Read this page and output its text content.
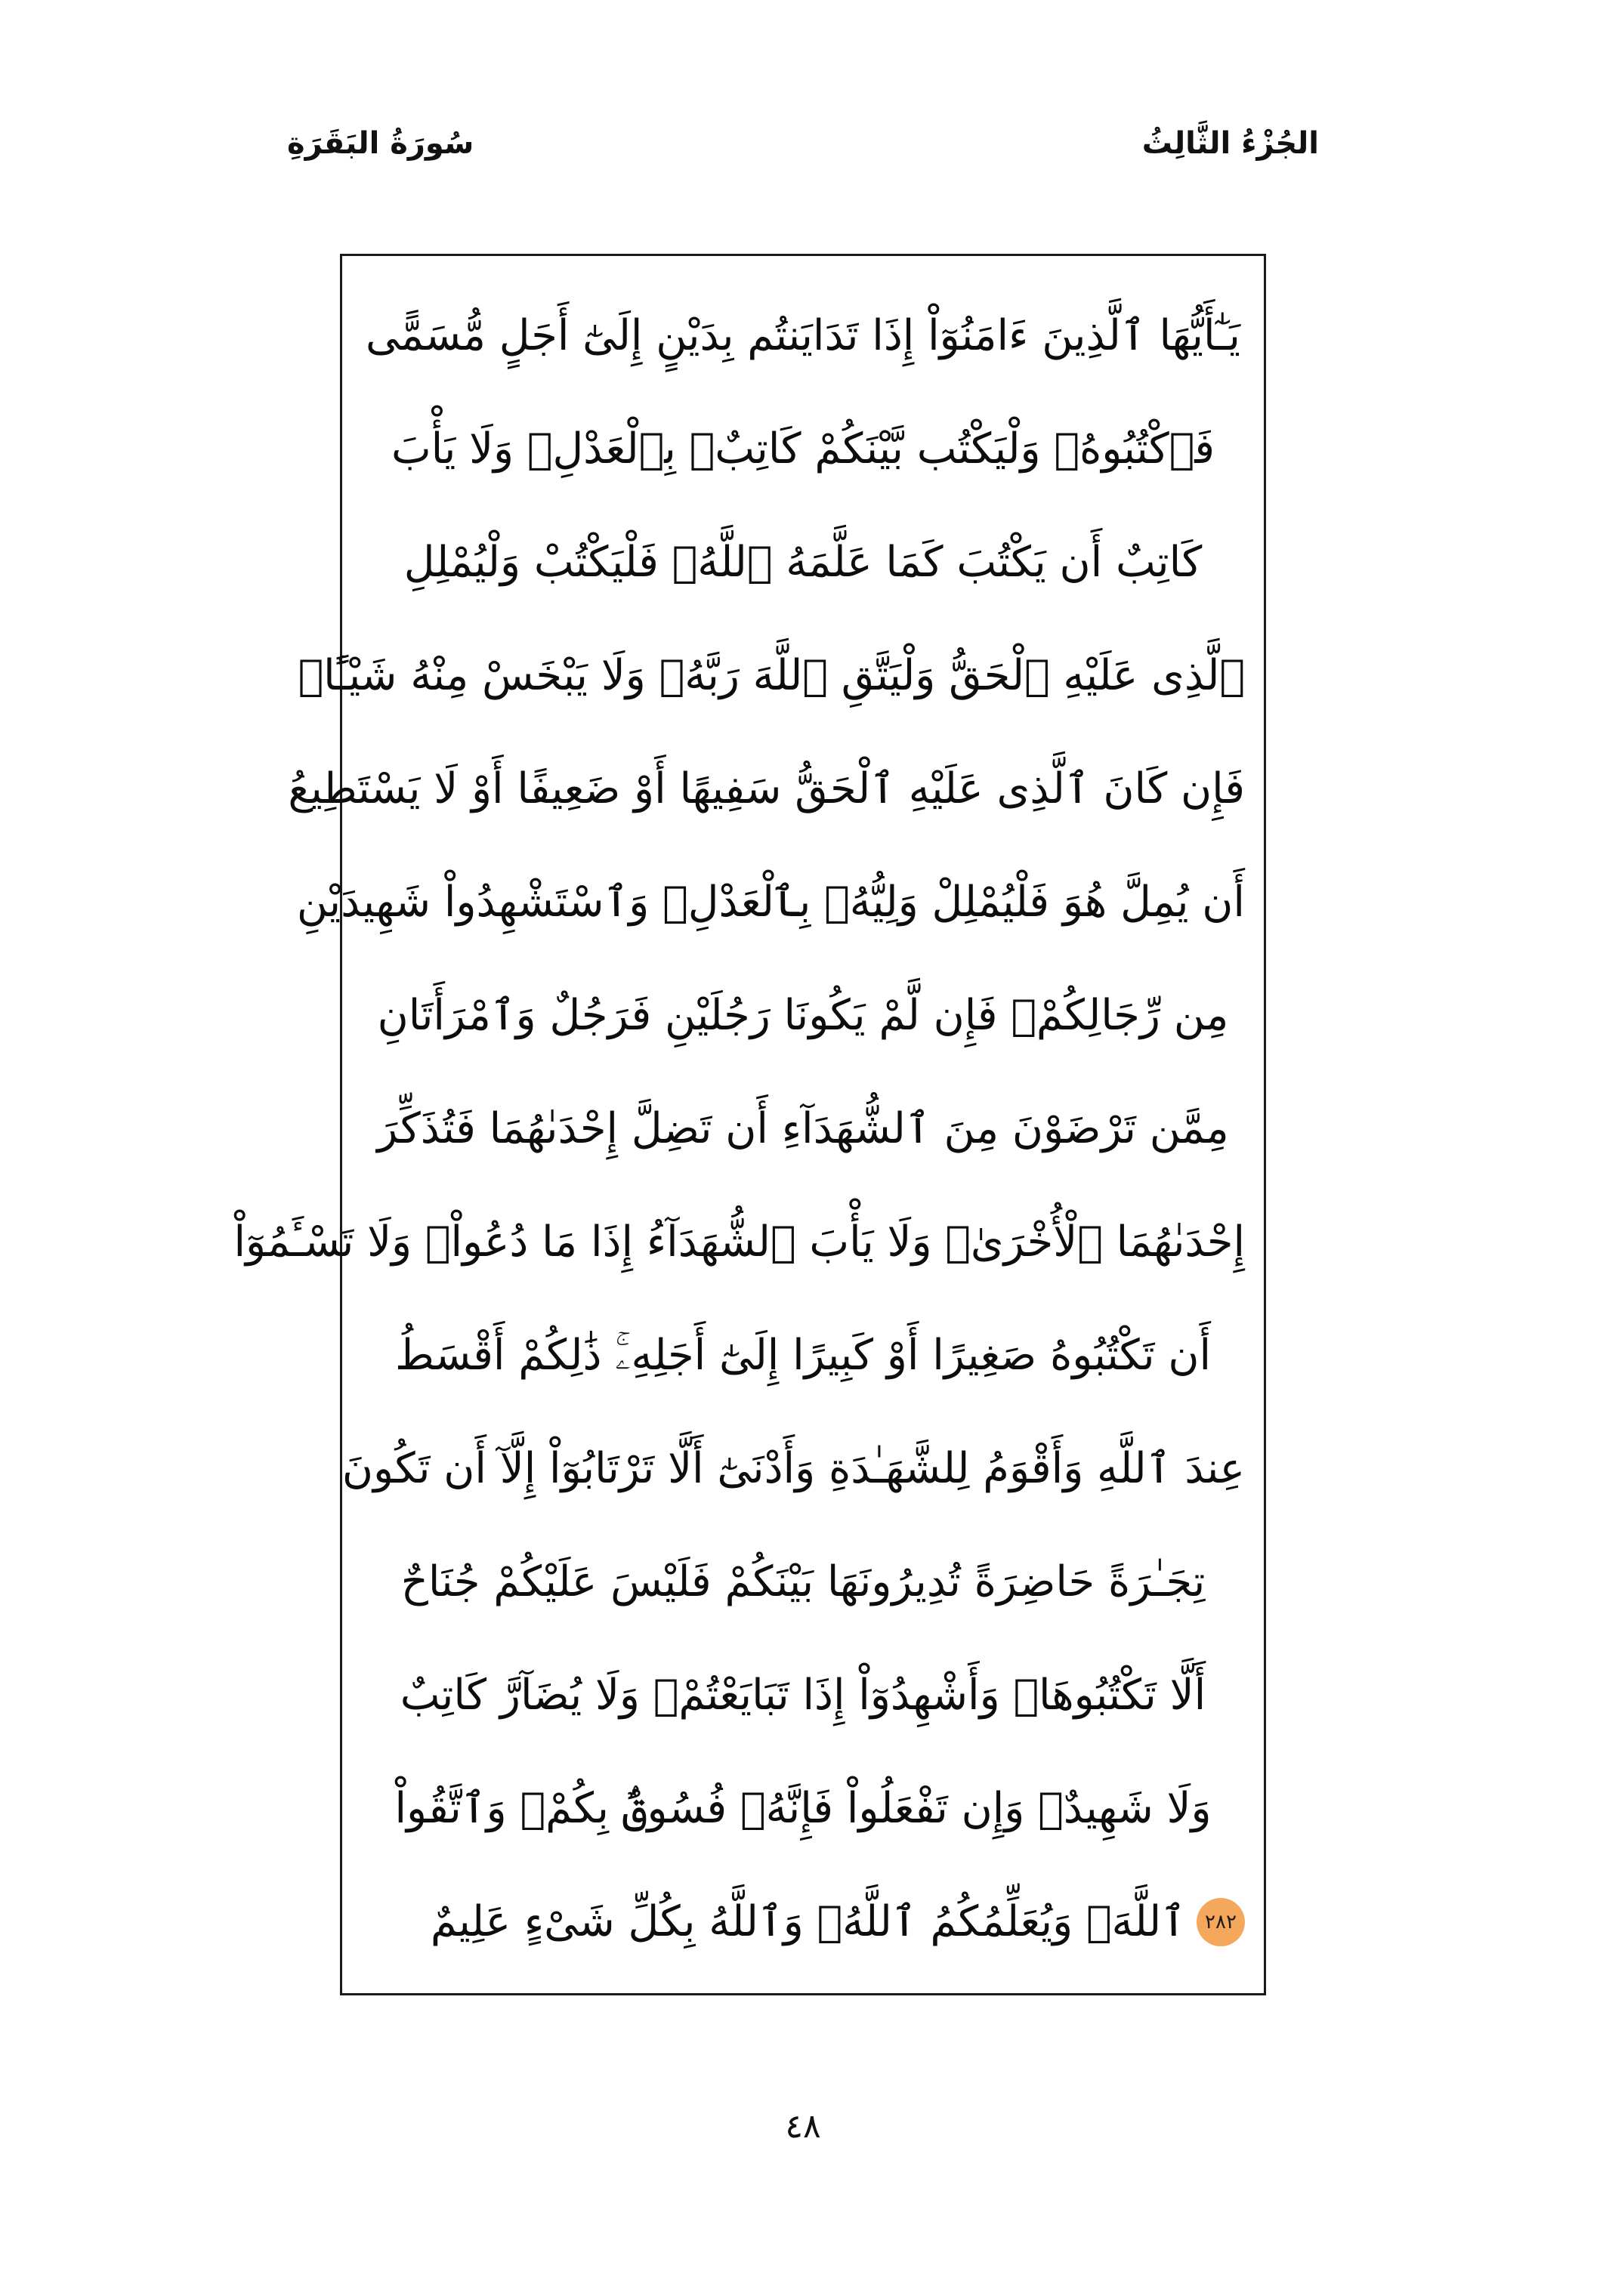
الجُزْءُ الثَّالِثُ
سُورَةُ البَقَرَةِ
يَـٰٓأَيُّهَا ٱلَّذِينَ ءَامَنُوٓاْ إِذَا تَدَايَنتُم بِدَيْنٍ إِلَىٰٓ أَجَلٍ مُّسَمًّى
فَٱكْتُبُوهُۚ وَلْيَكْتُب بَّيْنَكُمْ كَاتِبٌۢ بِٱلْعَدْلِۚ وَلَا يَأْبَ
كَاتِبٌ أَن يَكْتُبَ كَمَا عَلَّمَهُ ٱللَّهُۚ فَلْيَكْتُبْ وَلْيُمْلِلِ
ٱلَّذِى عَلَيْهِ ٱلْحَقُّ وَلْيَتَّقِ ٱللَّهَ رَبَّهُۥ وَلَا يَبْخَسْ مِنْهُ شَيْـًٔاۚ
فَإِن كَانَ ٱلَّذِى عَلَيْهِ ٱلْحَقُّ سَفِيهًا أَوْ ضَعِيفًا أَوْ لَا يَسْتَطِيعُ
أَن يُمِلَّ هُوَ فَلْيُمْلِلْ وَلِيُّهُۥ بِٱلْعَدْلِۚ وَٱسْتَشْهِدُواْ شَهِيدَيْنِ
مِن رِّجَالِكُمْۖ فَإِن لَّمْ يَكُونَا رَجُلَيْنِ فَرَجُلٌ وَٱمْرَأَتَانِ
مِمَّن تَرْضَوْنَ مِنَ ٱلشُّهَدَآءِ أَن تَضِلَّ إِحْدَىٰهُمَا فَتُذَكِّرَ
إِحْدَىٰهُمَا ٱلْأُخْرَىٰۚ وَلَا يَأْبَ ٱلشُّهَدَآءُ إِذَا مَا دُعُواْۚ وَلَا تَسْـَٔمُوٓاْ
أَن تَكْتُبُوهُ صَغِيرًا أَوْ كَبِيرًا إِلَىٰٓ أَجَلِهِۦۚ ذَٰلِكُمْ أَقْسَطُ
عِندَ ٱللَّهِ وَأَقْوَمُ لِلشَّهَـٰدَةِ وَأَدْنَىٰٓ أَلَّا تَرْتَابُوٓاْ إِلَّآ أَن تَكُونَ
تِجَـٰرَةً حَاضِرَةً تُدِيرُونَهَا بَيْنَكُمْ فَلَيْسَ عَلَيْكُمْ جُنَاحٌ
أَلَّا تَكْتُبُوهَاۗ وَأَشْهِدُوٓاْ إِذَا تَبَايَعْتُمْۚ وَلَا يُضَآرَّ كَاتِبٌ
وَلَا شَهِيدٌۚ وَإِن تَفْعَلُواْ فَإِنَّهُۥ فُسُوقٌۢ بِكُمْۗ وَٱتَّقُواْ
٢٨٢
ٱللَّهَۖ وَيُعَلِّمُكُمُ ٱللَّهُۗ وَٱللَّهُ بِكُلِّ شَىْءٍ عَلِيمٌ
٤٨
